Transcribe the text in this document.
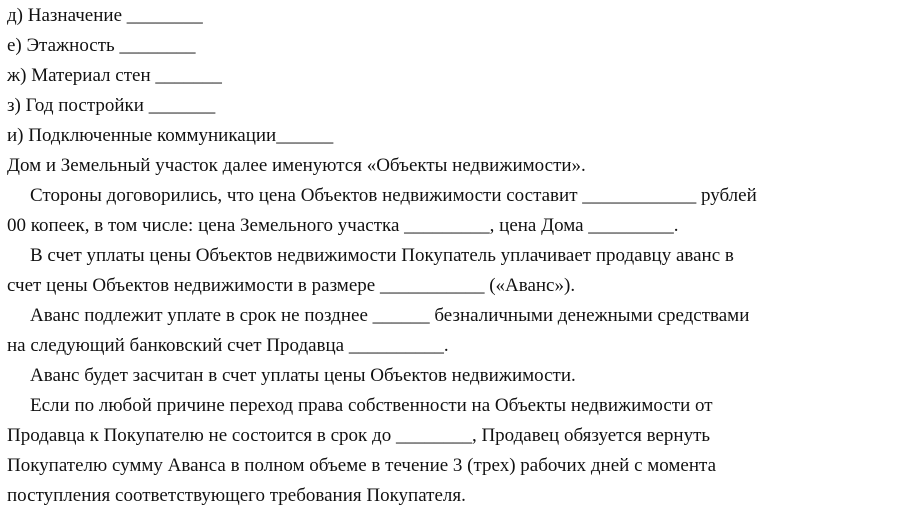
д) Назначение ________
е) Этажность ________
ж) Материал стен _______
з) Год постройки _______
и) Подключенные коммуникации______
Дом и Земельный участок далее именуются «Объекты недвижимости».
Стороны договорились, что цена Объектов недвижимости составит ____________ рублей
00 копеек, в том числе: цена Земельного участка _________, цена Дома _________.
В счет уплаты цены Объектов недвижимости Покупатель уплачивает продавцу аванс в
счет цены Объектов недвижимости в размере ___________ («Аванс»).
Аванс подлежит уплате в срок не позднее ______ безналичными денежными средствами
на следующий банковский счет Продавца __________.
Аванс будет засчитан в счет уплаты цены Объектов недвижимости.
Если по любой причине переход права собственности на Объекты недвижимости от
Продавца к Покупателю не состоится в срок до ________, Продавец обязуется вернуть
Покупателю сумму Аванса в полном объеме в течение 3 (трех) рабочих дней с момента
поступления соответствующего требования Покупателя.
